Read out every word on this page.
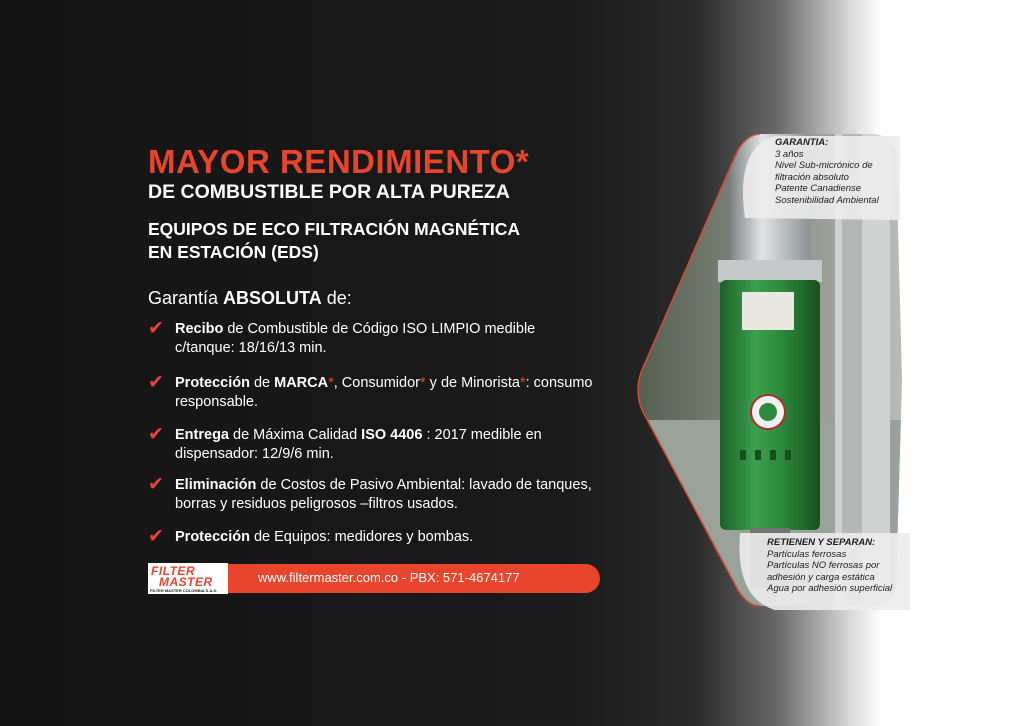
MAYOR RENDIMIENTO*
DE COMBUSTIBLE POR ALTA PUREZA
EQUIPOS DE ECO FILTRACIÓN MAGNÉTICA
EN ESTACIÓN (EDS)
Garantía ABSOLUTA de:
✔ Recibo de Combustible de Código ISO LIMPIO medible c/tanque: 18/16/13 min.
✔ Protección de MARCA*, Consumidor* y de Minorista*: consumo responsable.
✔ Entrega de Máxima Calidad ISO 4406 : 2017 medible en dispensador: 12/9/6 min.
✔ Eliminación de Costos de Pasivo Ambiental: lavado de tanques, borras y residuos peligrosos –filtros usados.
✔ Protección de Equipos: medidores y bombas.
FILTER
MASTER
FILTER MASTER COLOMBIA S.A.S.
www.filtermaster.com.co - PBX: 571-4674177
GARANTIA:
3 años
Nivel Sub-micrónico de
filtración absoluto
Patente Canadiense
Sostenibilidad Ambiental
RETIENEN Y SEPARAN:
Partículas ferrosas
Partículas NO ferrosas por
adhesión y carga estática
Agua por adhesión superficial
